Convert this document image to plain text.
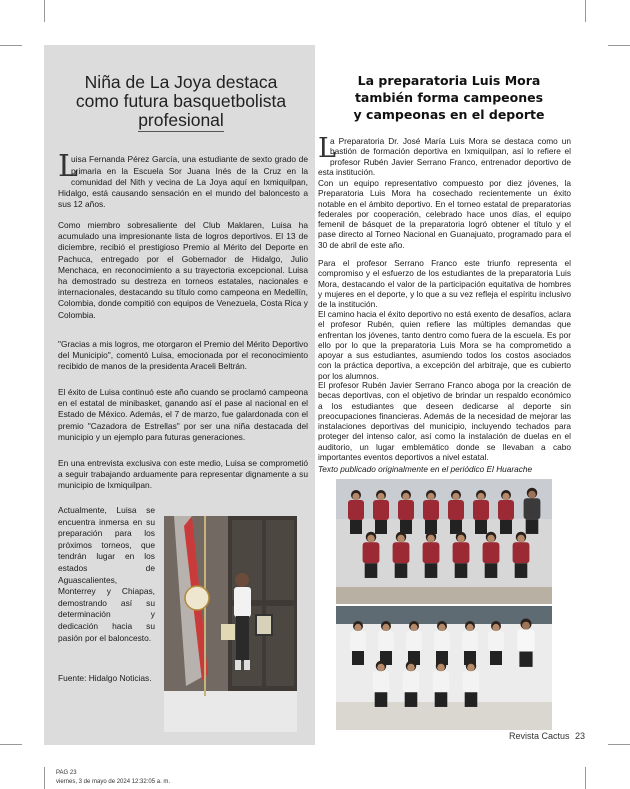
Niña de La Joya destaca
como futura basquetbolista
profesional

L
uisa Fernanda Pérez García, una estudiante de sexto grado de primaria en la Escuela Sor Juana Inés de la Cruz en la comunidad del Nith y vecina de La Joya aquí en Ixmiquilpan, Hidalgo, está causando sensación en el mundo del baloncesto a sus 12 años.

Como miembro sobresaliente del Club Maklaren, Luisa ha acumulado una impresionante lista de logros deportivos. El 13 de diciembre, recibió el prestigioso Premio al Mérito del Deporte en Pachuca, entregado por el Gobernador de Hidalgo, Julio Menchaca, en reconocimiento a su trayectoria excepcional. Luisa ha demostrado su destreza en torneos estatales, nacionales e internacionales, destacando su título como campeona en Medellín, Colombia, donde compitió con equipos de Venezuela, Costa Rica y Colombia.

"Gracias a mis logros, me otorgaron el Premio del Mérito Deportivo del Municipio", comentó Luisa, emocionada por el reconocimiento recibido de manos de la presidenta Araceli Beltrán.

El éxito de Luisa continuó este año cuando se proclamó campeona en el estatal de minibasket, ganando así el pase al nacional en el Estado de México. Además, el 7 de marzo, fue galardonada con el premio "Cazadora de Estrellas" por ser una niña destacada del municipio y un ejemplo para futuras generaciones.

En una entrevista exclusiva con este medio, Luisa se comprometió a seguir trabajando arduamente para representar dignamente a su municipio de Ixmiquilpan.

Actualmente, Luisa se encuentra inmersa en su preparación para los próximos torneos, que tendrán lugar en los estados de Aguascalientes, Monterrey y Chiapas, demostrando así su determinación y dedicación hacia su pasión por el baloncesto.

Fuente: Hidalgo Noticias.

La preparatoria Luis Mora
también forma campeones
y campeonas en el deporte

L
a Preparatoria Dr. José María Luis Mora se destaca como un bastión de formación deportiva en Ixmiquilpan, así lo refiere el profesor Rubén Javier Serrano Franco, entrenador deportivo de esta institución.

Con un equipo representativo compuesto por diez jóvenes, la Preparatoria Luis Mora ha cosechado recientemente un éxito notable en el ámbito deportivo. En el torneo estatal de preparatorias federales por cooperación, celebrado hace unos días, el equipo femenil de básquet de la preparatoria logró obtener el título y el pase directo al Torneo Nacional en Guanajuato, programado para el 30 de abril de este año.

Para el profesor Serrano Franco este triunfo representa el compromiso y el esfuerzo de los estudiantes de la preparatoria Luis Mora, destacando el valor de la participación equitativa de hombres y mujeres en el deporte, y lo que a su vez refleja el espíritu inclusivo de la institución.

El camino hacia el éxito deportivo no está exento de desafíos, aclara el profesor Rubén, quien refiere las múltiples demandas que enfrentan los jóvenes, tanto dentro como fuera de la escuela. Es por ello por lo que la preparatoria Luis Mora se ha comprometido a apoyar a sus estudiantes, asumiendo todos los costos asociados con la práctica deportiva, a excepción del arbitraje, que es cubierto por los alumnos.

El profesor Rubén Javier Serrano Franco aboga por la creación de becas deportivas, con el objetivo de brindar un respaldo económico a los estudiantes que deseen dedicarse al deporte sin preocupaciones financieras. Además de la necesidad de mejorar las instalaciones deportivas del municipio, incluyendo techados para proteger del intenso calor, así como la instalación de duelas en el auditorio, un lugar emblemático donde se llevaban a cabo importantes eventos deportivos a nivel estatal.

Texto publicado originalmente en el periódico El Huarache

Revista Cactus 23
PAG 23
viernes, 3 de mayo de 2024 12:32:05 a. m.
